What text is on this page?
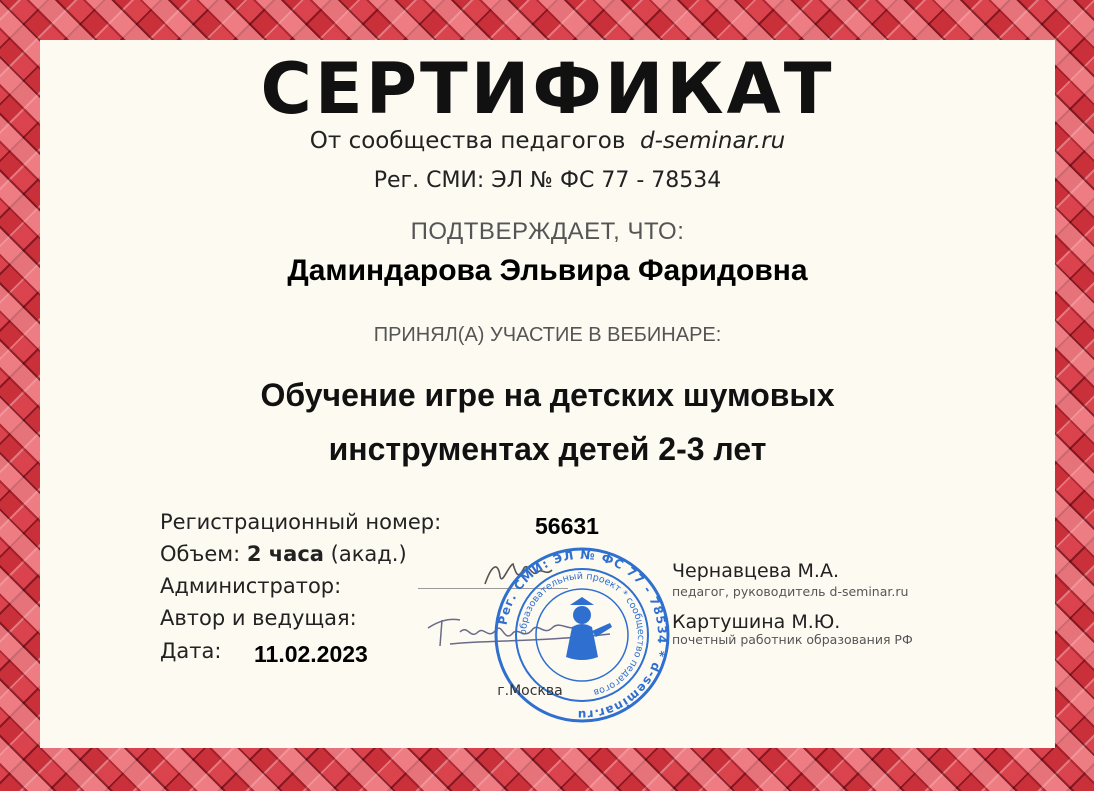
СЕРТИФИКАТ
От сообщества педагогов d-seminar.ru
Рег. СМИ: ЭЛ № ФС 77 - 78534
ПОДТВЕРЖДАЕТ, ЧТО:
Даминдарова Эльвира Фаридовна
ПРИНЯЛ(А) УЧАСТИЕ В ВЕБИНАРЕ:
Обучение игре на детских шумовых инструментах детей 2-3 лет
Регистрационный номер:	56631
Объем: 2 часа (акад.)
Администратор:
Автор и ведущая:
Дата: 11.02.2023
Рег. СМИ: ЭЛ № ФС 77 - 78534 * d-seminar.ru
образовательный проект * сообщество педагогов
Чернавцева М.А.
педагог, руководитель d-seminar.ru
Картушина М.Ю.
почетный работник образования РФ
г.Москва
